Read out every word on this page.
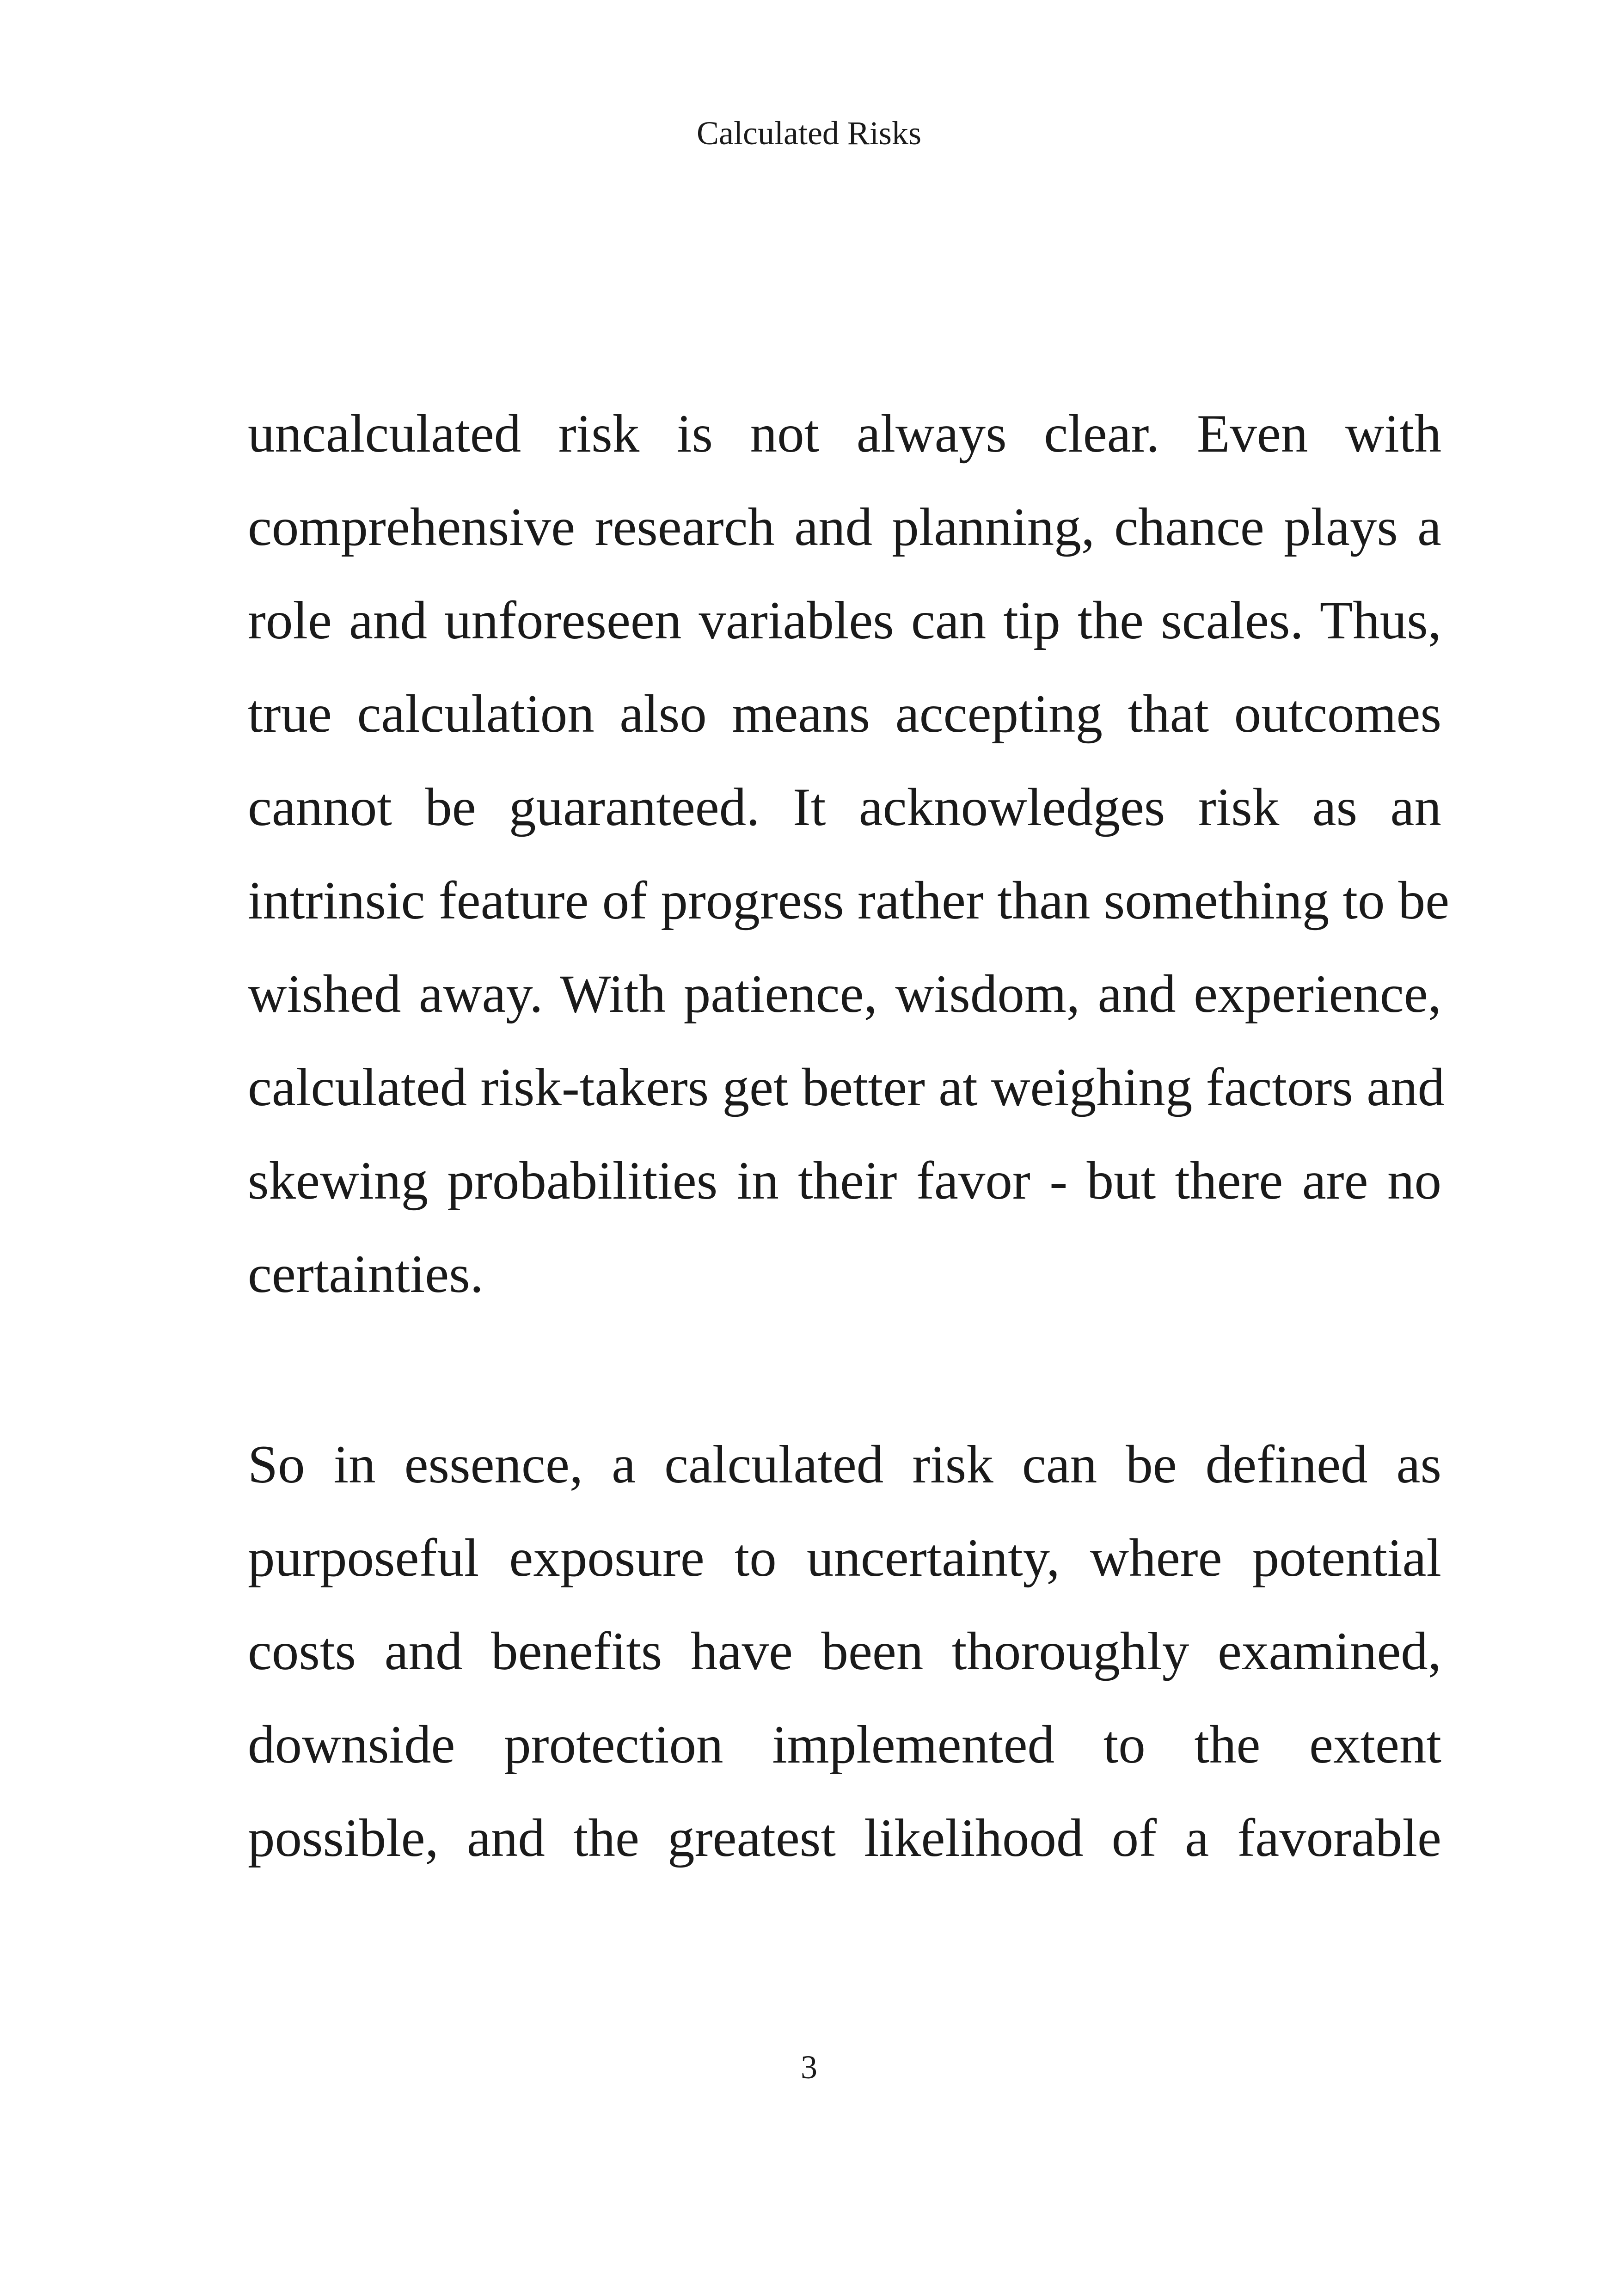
Calculated Risks

uncalculated risk is not always clear. Even with
comprehensive research and planning, chance plays a
role and unforeseen variables can tip the scales. Thus,
true calculation also means accepting that outcomes
cannot be guaranteed. It acknowledges risk as an
intrinsic feature of progress rather than something to be
wished away. With patience, wisdom, and experience,
calculated risk-takers get better at weighing factors and
skewing probabilities in their favor - but there are no
certainties.

So in essence, a calculated risk can be defined as
purposeful exposure to uncertainty, where potential
costs and benefits have been thoroughly examined,
downside protection implemented to the extent
possible, and the greatest likelihood of a favorable

3
